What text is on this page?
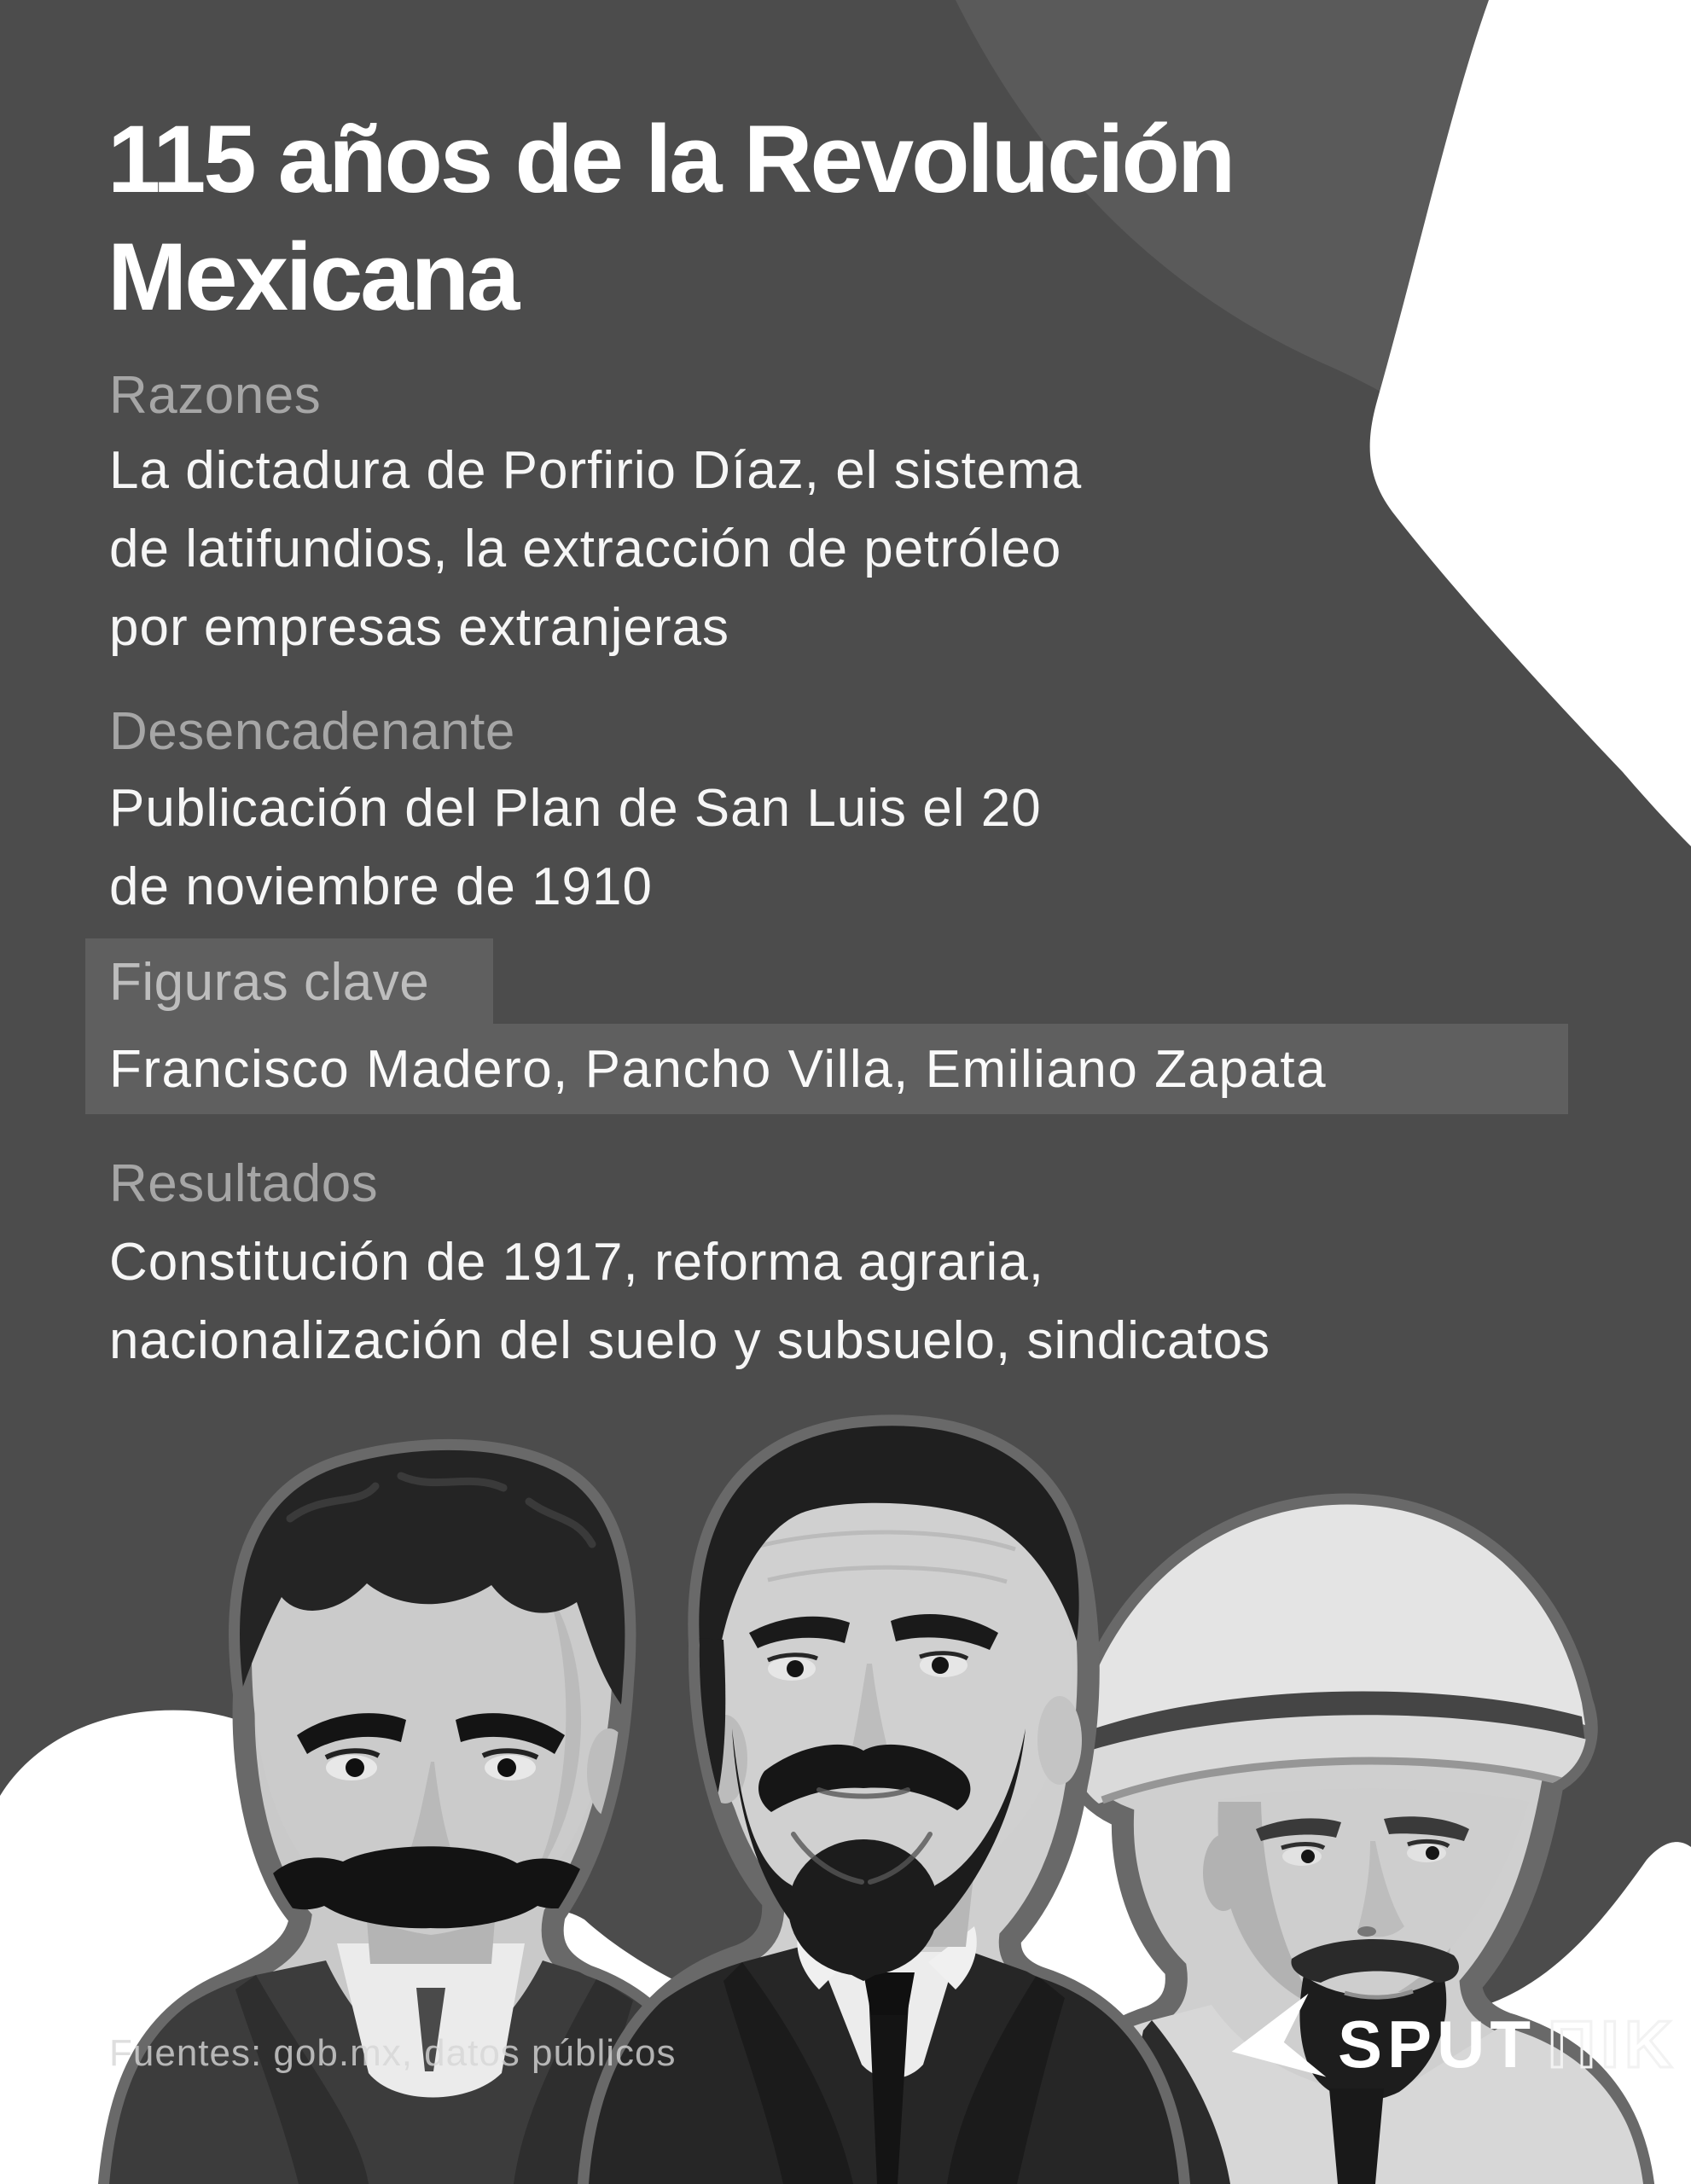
115 años de la Revolución
Mexicana
Razones
La dictadura de Porfirio Díaz, el sistema
de latifundios, la extracción de petróleo
por empresas extranjeras
Desencadenante
Publicación del Plan de San Luis el 20
de noviembre de 1910
Figuras clave
Francisco Madero, Pancho Villa, Emiliano Zapata
Resultados
Constitución de 1917, reforma agraria,
nacionalización del suelo y subsuelo, sindicatos
Fuentes: gob.mx, datos públicos	SPUT ПIK
